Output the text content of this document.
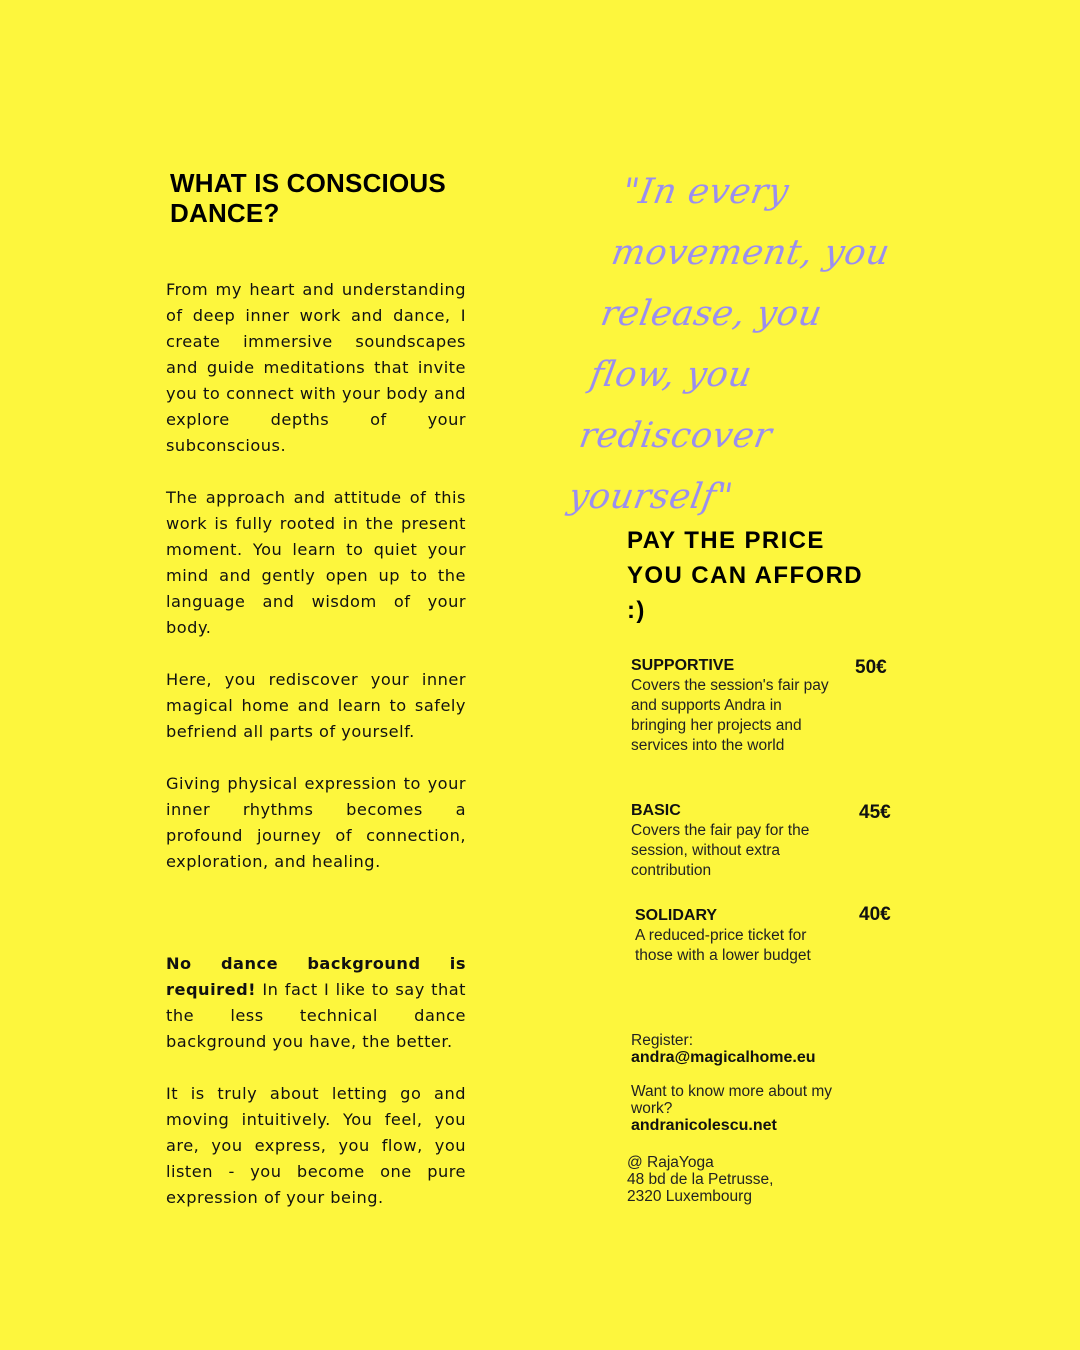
WHAT IS CONSCIOUS DANCE?

From my heart and understanding of deep inner work and dance, I create immersive soundscapes and guide meditations that invite you to connect with your body and explore depths of your subconscious.

The approach and attitude of this work is fully rooted in the present moment. You learn to quiet your mind and gently open up to the language and wisdom of your body.

Here, you rediscover your inner magical home and learn to safely befriend all parts of yourself.

Giving physical expression to your inner rhythms becomes a profound journey of connection, exploration, and healing.

No dance background is required! In fact I like to say that the less technical dance background you have, the better.

It is truly about letting go and moving intuitively. You feel, you are, you express, you flow, you listen - you become one pure expression of your being.

"In every movement, you release, you flow, you rediscover yourself"
PAY THE PRICE YOU CAN AFFORD :)
SUPPORTIVE
Covers the session's fair pay and supports Andra in bringing her projects and services into the world
50€
BASIC
Covers the fair pay for the session, without extra contribution
45€
SOLIDARY
A reduced-price ticket for those with a lower budget
40€
Register:
andra@magicalhome.eu
Want to know more about my work?
andranicolescu.net
@ RajaYoga
48 bd de la Petrusse,
2320 Luxembourg
